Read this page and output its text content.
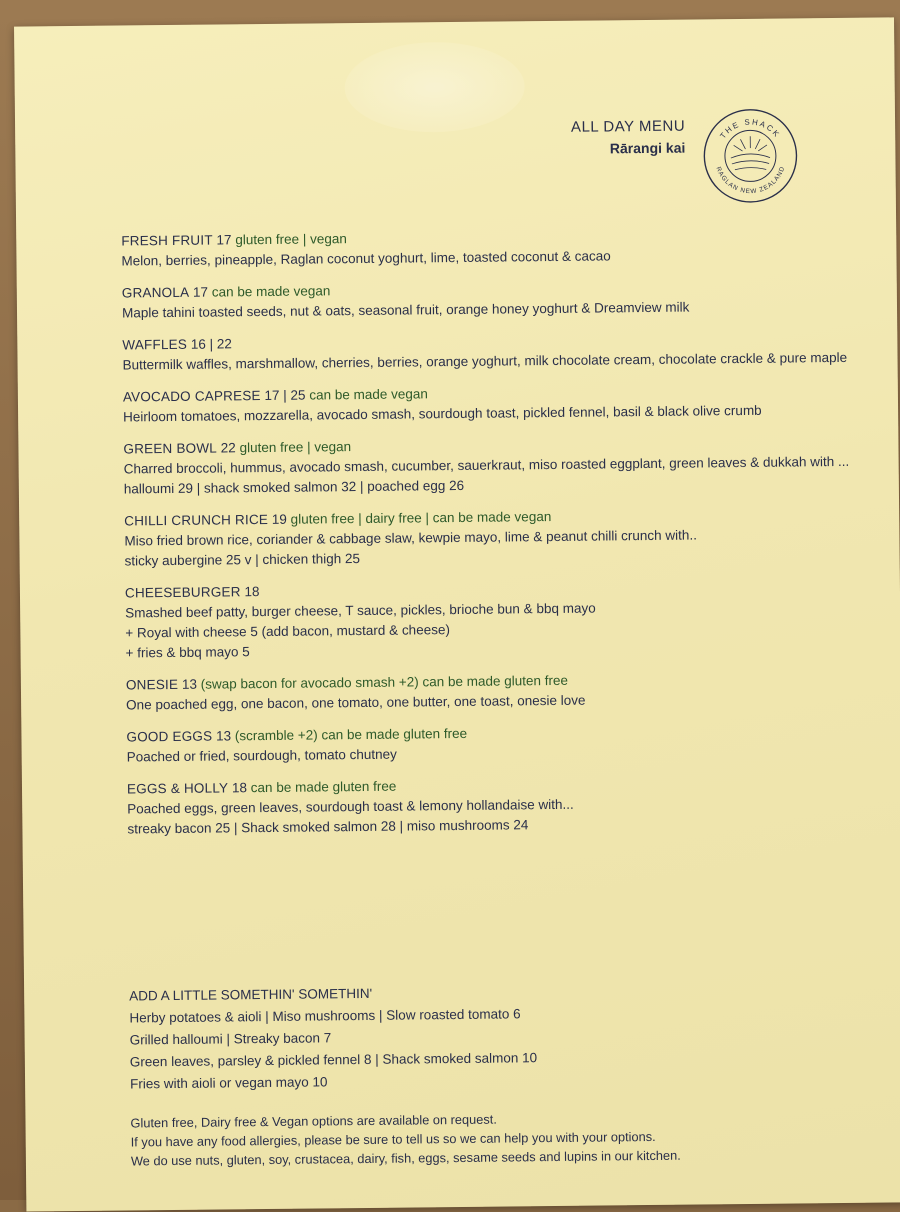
ALL DAY MENU
Rārangi kai
THE SHACK
RAGLAN NEW ZEALAND
FRESH FRUIT 17 gluten free | vegan
Melon, berries, pineapple, Raglan coconut yoghurt, lime, toasted coconut & cacao
GRANOLA 17 can be made vegan
Maple tahini toasted seeds, nut & oats, seasonal fruit, orange honey yoghurt & Dreamview milk
WAFFLES 16 | 22
Buttermilk waffles, marshmallow, cherries, berries, orange yoghurt, milk chocolate cream, chocolate crackle & pure maple
AVOCADO CAPRESE 17 | 25 can be made vegan
Heirloom tomatoes, mozzarella, avocado smash, sourdough toast, pickled fennel, basil & black olive crumb
GREEN BOWL 22 gluten free | vegan
Charred broccoli, hummus, avocado smash, cucumber, sauerkraut, miso roasted eggplant, green leaves & dukkah with ...
halloumi 29 | shack smoked salmon 32 | poached egg 26
CHILLI CRUNCH RICE 19 gluten free | dairy free | can be made vegan
Miso fried brown rice, coriander & cabbage slaw, kewpie mayo, lime & peanut chilli crunch with..
sticky aubergine 25 v | chicken thigh 25
CHEESEBURGER 18
Smashed beef patty, burger cheese, T sauce, pickles, brioche bun & bbq mayo
+ Royal with cheese 5 (add bacon, mustard & cheese)
+ fries & bbq mayo 5
ONESIE 13 (swap bacon for avocado smash +2) can be made gluten free
One poached egg, one bacon, one tomato, one butter, one toast, onesie love
GOOD EGGS 13 (scramble +2) can be made gluten free
Poached or fried, sourdough, tomato chutney
EGGS & HOLLY 18 can be made gluten free
Poached eggs, green leaves, sourdough toast & lemony hollandaise with...
streaky bacon 25 | Shack smoked salmon 28 | miso mushrooms 24
ADD A LITTLE SOMETHIN' SOMETHIN'
Herby potatoes & aioli | Miso mushrooms | Slow roasted tomato 6
Grilled halloumi | Streaky bacon 7
Green leaves, parsley & pickled fennel 8 | Shack smoked salmon 10
Fries with aioli or vegan mayo 10
Gluten free, Dairy free & Vegan options are available on request.
If you have any food allergies, please be sure to tell us so we can help you with your options.
We do use nuts, gluten, soy, crustacea, dairy, fish, eggs, sesame seeds and lupins in our kitchen.
